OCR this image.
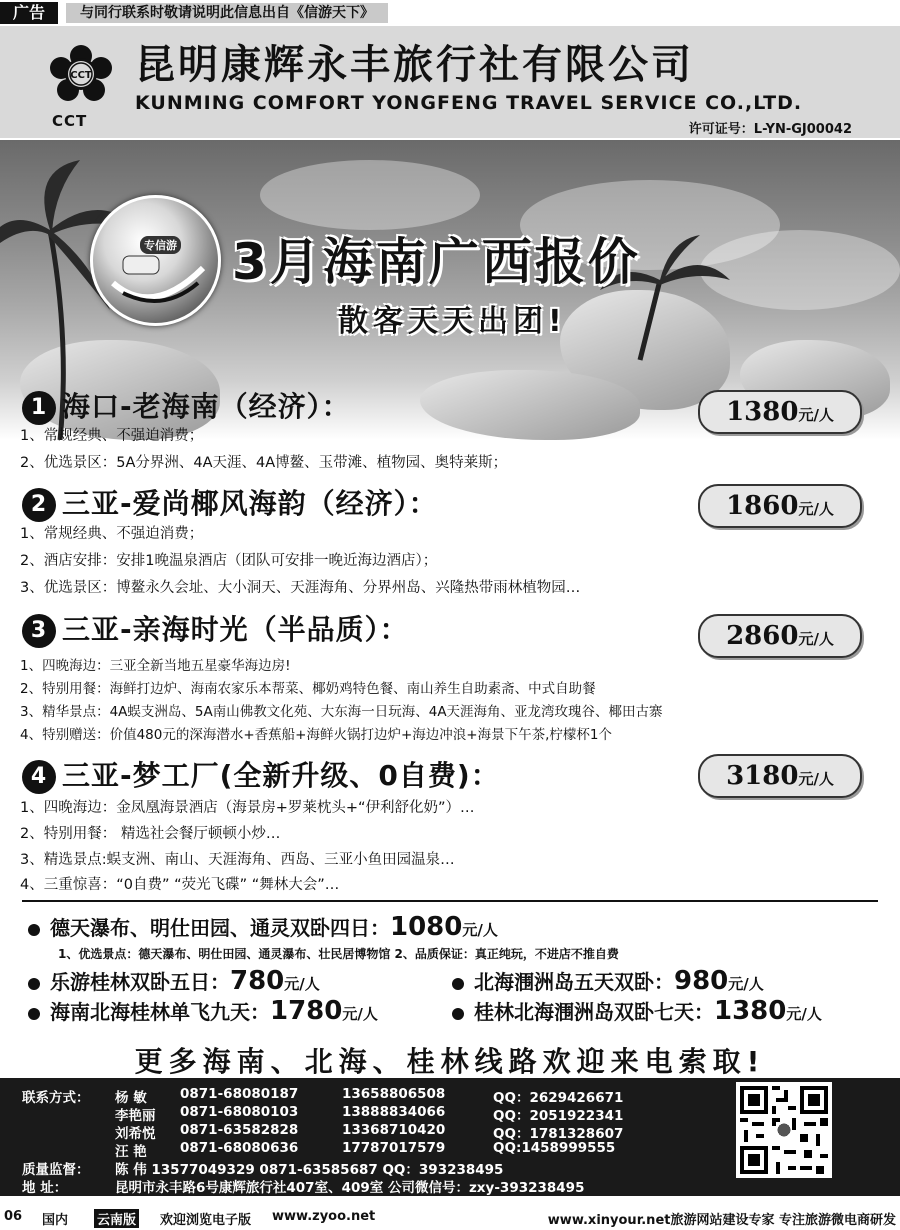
广告	与同行联系时敬请说明此信息出自《信游天下》
CCT
CCT
昆明康辉永丰旅行社有限公司
KUNMING COMFORT YONGFENG TRAVEL SERVICE CO.,LTD.
许可证号：L-YN-GJ00042
专信游 3月海南广西报价
散客天天出团!
1 海口-老海南（经济）：	1380元/人
1、常规经典、不强迫消费；
2、优选景区：5A分界洲、4A天涯、4A博鳌、玉带滩、植物园、奥特莱斯；
2 三亚-爱尚椰风海韵（经济）：	1860元/人
1、常规经典、不强迫消费；
2、酒店安排：安排1晚温泉酒店（团队可安排一晚近海边酒店）；
3、优选景区：博鳌永久会址、大小洞天、天涯海角、分界州岛、兴隆热带雨林植物园…
3 三亚-亲海时光（半品质）：	2860元/人
1、四晚海边：三亚全新当地五星豪华海边房!
2、特别用餐：海鲜打边炉、海南农家乐本帮菜、椰奶鸡特色餐、南山养生自助素斋、中式自助餐
3、精华景点：4A蜈支洲岛、5A南山佛教文化苑、大东海一日玩海、4A天涯海角、亚龙湾玫瑰谷、椰田古寨
4、特别赠送：价值480元的深海潜水+香蕉船+海鲜火锅打边炉+海边冲浪+海景下午茶,柠檬杯1个
4 三亚-梦工厂(全新升级、0自费)：	3180元/人
1、四晚海边：金凤凰海景酒店（海景房+罗莱枕头+“伊利舒化奶”）…
2、特别用餐： 精选社会餐厅顿顿小炒…
3、精选景点:蜈支洲、南山、天涯海角、西岛、三亚小鱼田园温泉…
4、三重惊喜：“0自费” “荧光飞碟” “舞林大会”…
德天瀑布、明仕田园、通灵双卧四日：1080元/人
1、优选景点：德天瀑布、明仕田园、通灵瀑布、壮民居博物馆 2、品质保证：真正纯玩，不进店不推自费
乐游桂林双卧五日：780元/人	北海涠洲岛五天双卧：980元/人
海南北海桂林单飞九天：1780元/人	桂林北海涠洲岛双卧七天：1380元/人
更多海南、北海、桂林线路欢迎来电索取!
联系方式： 杨 敏 0871-68080187	13658806508	QQ：2629426671
李艳丽 0871-68080103	13888834066	QQ：2051922341
刘希悦 0871-63582828	13368710420	QQ：1781328607
汪 艳 0871-68080636	17787017579	QQ:1458999555
质量监督： 陈 伟 13577049329 0871-63585687 QQ：393238495
地 址：	昆明市永丰路6号康辉旅行社407室、409室 公司微信号：zxy-393238495
06 国内 云南版 欢迎浏览电子版 www.zyoo.net	www.xinyour.net旅游网站建设专家 专注旅游微电商研发
